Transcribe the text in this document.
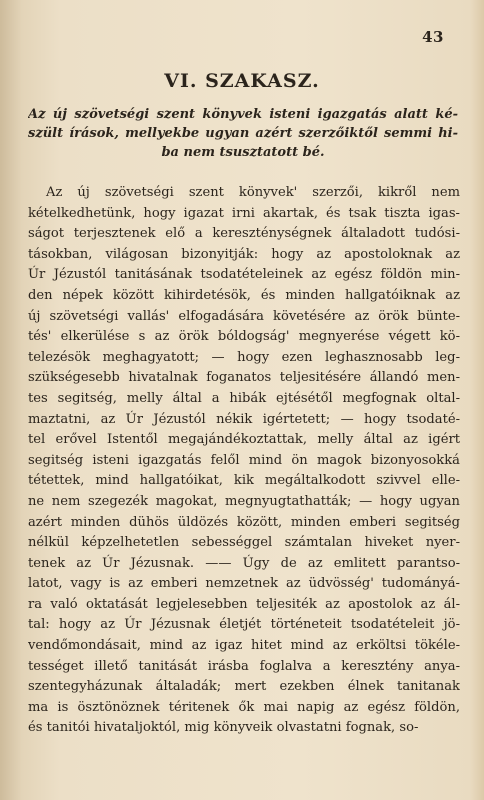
43
VI. SZAKASZ.
Az új szövetségi szent könyvek isteni igazgatás alatt ké-
szült írások, mellyekbe ugyan azért szerzőiktől semmi hi-
ba nem tsusztatott bé.
Az új szövetségi szent könyvek' szerzői, kikről nem
kételkedhetünk, hogy igazat irni akartak, és tsak tiszta igas-
ságot terjesztenek elő a kereszténységnek általadott tudósi-
tásokban, világosan bizonyitják: hogy az apostoloknak az
Úr Jézustól tanitásának tsodatételeinek az egész földön min-
den népek között kihirdetésök, és minden hallgatóiknak az
új szövetségi vallás' elfogadására követésére az örök bünte-
tés' elkerülése s az örök bóldogság' megnyerése végett kö-
telezésök meghagyatott; — hogy ezen leghasznosabb leg-
szükségesebb hivatalnak foganatos teljesitésére állandó men-
tes segitség, melly által a hibák ejtésétől megfognak oltal-
maztatni, az Úr Jézustól nékik igértetett; — hogy tsodaté-
tel erővel Istentől megajándékoztattak, melly által az igért
segitség isteni igazgatás felől mind ön magok bizonyosokká
tétettek, mind hallgatóikat, kik megáltalkodott szivvel elle-
ne nem szegezék magokat, megnyugtathatták; — hogy ugyan
azért minden dühös üldözés között, minden emberi segitség
nélkül képzelhetetlen sebességgel számtalan hiveket nyer-
tenek az Úr Jézusnak. —— Úgy de az emlitett parantso-
latot, vagy is az emberi nemzetnek az üdvösség' tudományá-
ra való oktatását legjelesebben teljesiték az apostolok az ál-
tal: hogy az Úr Jézusnak életjét történeteit tsodatételeit jö-
vendőmondásait, mind az igaz hitet mind az erköltsi tökéle-
tességet illető tanitását irásba foglalva a keresztény anya-
szentegyházunak általadák; mert ezekben élnek tanitanak
ma is ösztönöznek téritenek ők mai napig az egész földön,
és tanitói hivataljoktól, mig könyveik olvastatni fognak, so-
